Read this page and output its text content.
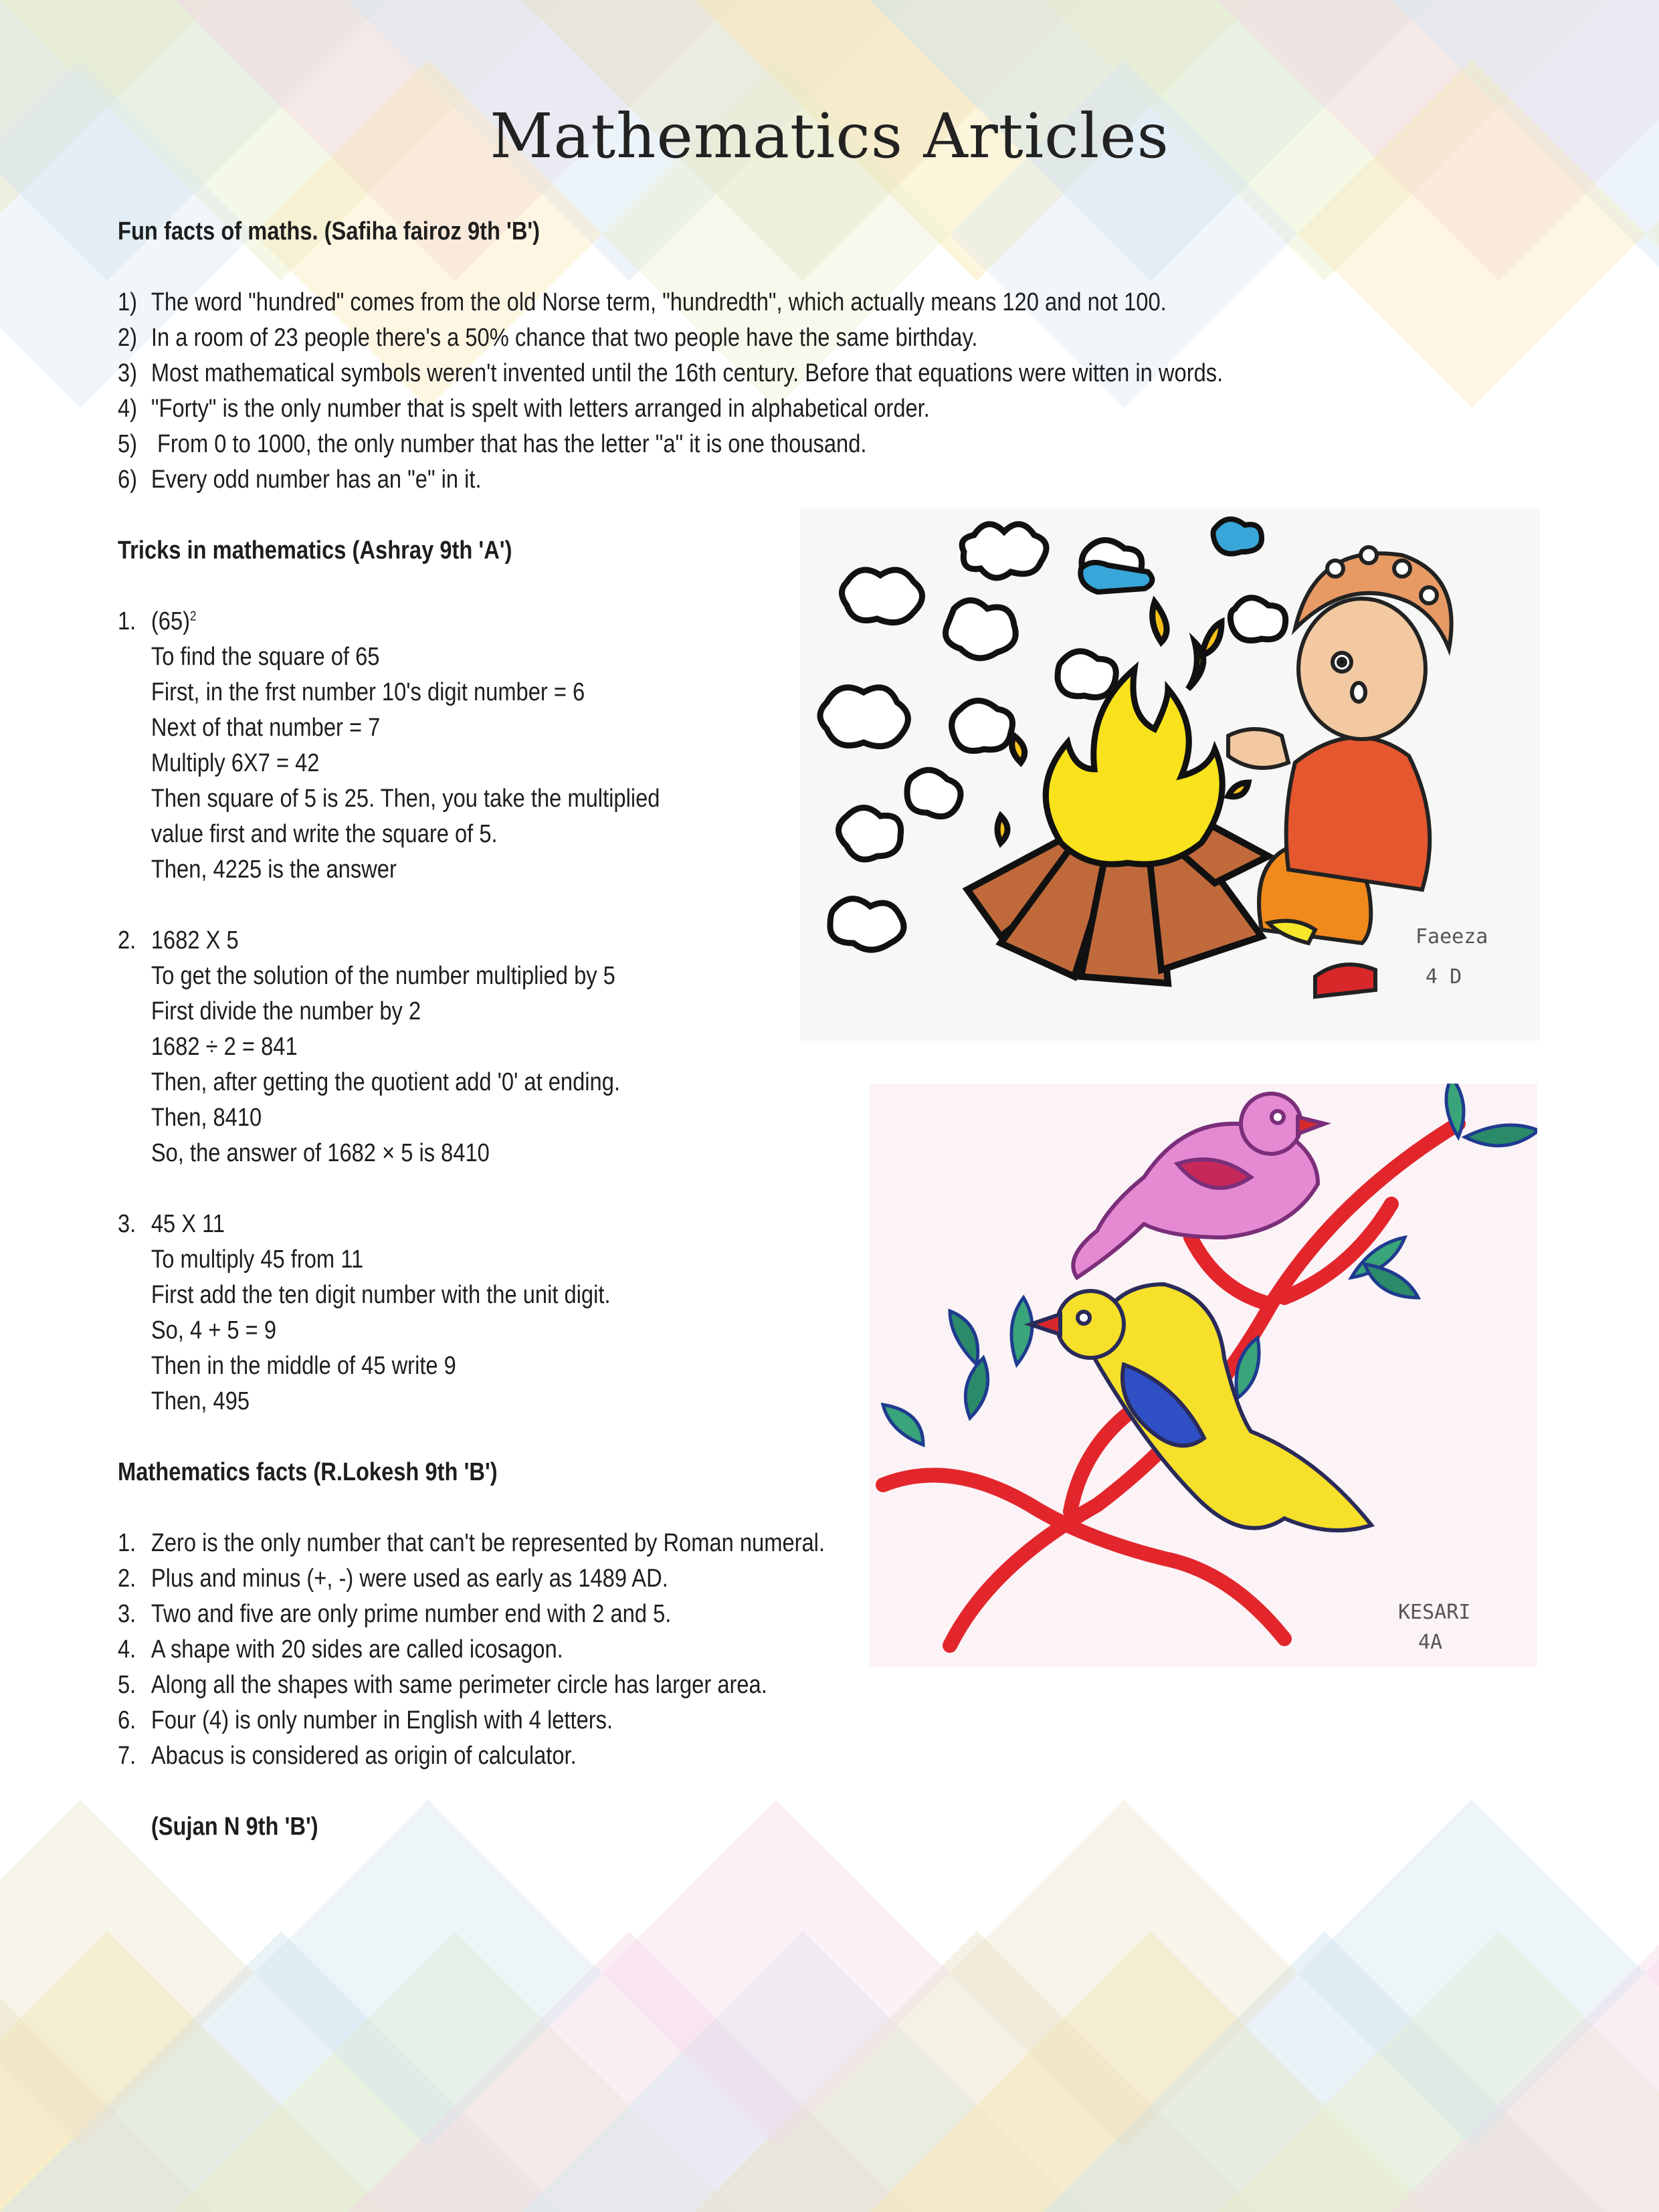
Mathematics Articles
Fun facts of maths. (Safiha fairoz 9th 'B')
1) The word "hundred" comes from the old Norse term, "hundredth", which actually means 120 and not 100.
2) In a room of 23 people there's a 50% chance that two people have the same birthday.
3) Most mathematical symbols weren't invented until the 16th century. Before that equations were witten in words.
4) "Forty" is the only number that is spelt with letters arranged in alphabetical order.
5) From 0 to 1000, the only number that has the letter "a" it is one thousand.
6) Every odd number has an "e" in it.
Tricks in mathematics (Ashray 9th 'A')
1. $(65)^2$
To find the square of 65
First, in the frst number 10's digit number = 6
Next of that number = 7
Multiply 6X7 = 42
Then square of 5 is 25. Then, you take the multiplied
value first and write the square of 5.
Then, 4225 is the answer
2. 1682 X 5
To get the solution of the number multiplied by 5
First divide the number by 2
1682 ÷ 2 = 841
Then, after getting the quotient add '0' at ending.
Then, 8410
So, the answer of 1682 × 5 is 8410
3. 45 X 11
To multiply 45 from 11
First add the ten digit number with the unit digit.
So, 4 + 5 = 9
Then in the middle of 45 write 9
Then, 495
Mathematics facts (R.Lokesh 9th 'B')
1. Zero is the only number that can't be represented by Roman numeral.
2. Plus and minus (+, -) were used as early as 1489 AD.
3. Two and five are only prime number end with 2 and 5.
4. A shape with 20 sides are called icosagon.
5. Along all the shapes with same perimeter circle has larger area.
6. Four (4) is only number in English with 4 letters.
7. Abacus is considered as origin of calculator.
(Sujan N 9th 'B')
Faeeza
4 D
KESARI
4A
